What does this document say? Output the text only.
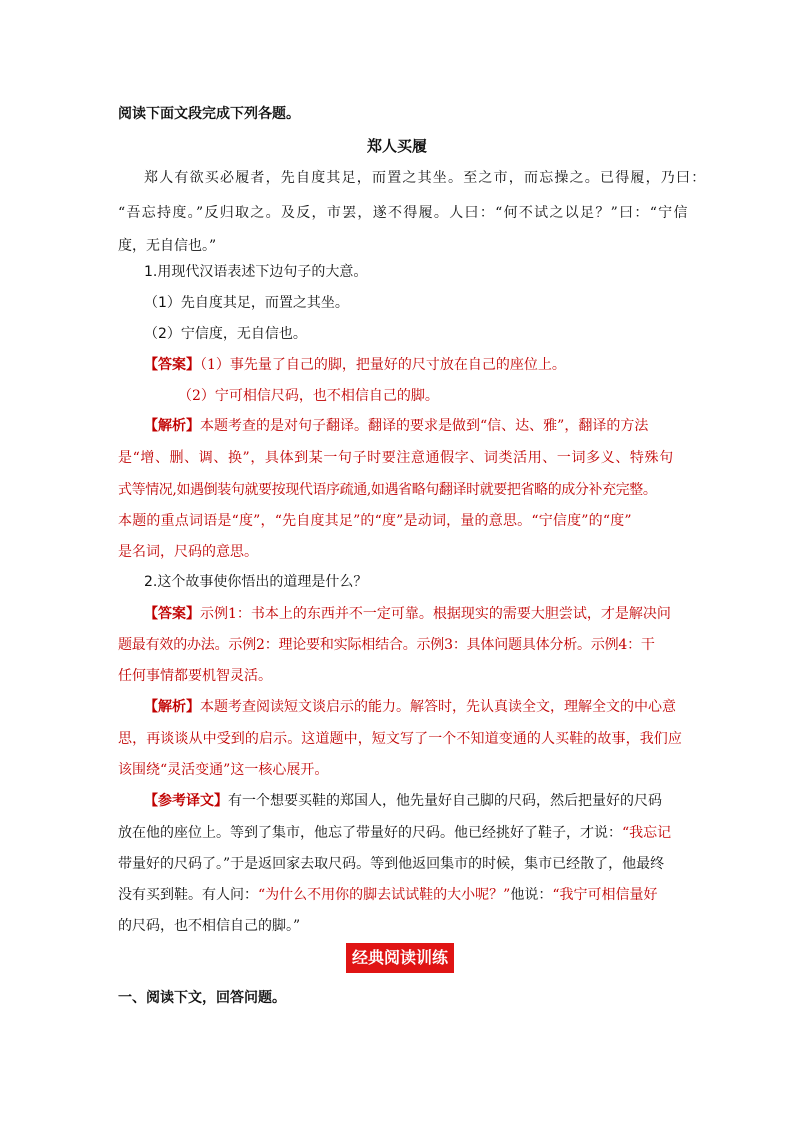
阅读下面文段完成下列各题。
郑人买履
郑人有欲买必履者，先自度其足，而置之其坐。至之市，而忘操之。已得履，乃曰：
“吾忘持度。”反归取之。及反，市罢，遂不得履。人曰：“何不试之以足？”曰：“宁信
度，无自信也。”
1.用现代汉语表述下边句子的大意。
（1）先自度其足，而置之其坐。
（2）宁信度，无自信也。
【答案】（1）事先量了自己的脚，把量好的尺寸放在自己的座位上。
（2）宁可相信尺码，也不相信自己的脚。
【解析】本题考查的是对句子翻译。翻译的要求是做到“信、达、雅”，翻译的方法
是“增、删、调、换”，具体到某一句子时要注意通假字、词类活用、一词多义、特殊句
式等情况,如遇倒装句就要按现代语序疏通,如遇省略句翻译时就要把省略的成分补充完整。
本题的重点词语是“度”，“先自度其足”的“度”是动词，量的意思。“宁信度”的“度”
是名词，尺码的意思。
2.这个故事使你悟出的道理是什么？
【答案】示例1：书本上的东西并不一定可靠。根据现实的需要大胆尝试，才是解决问
题最有效的办法。示例2：理论要和实际相结合。示例3：具体问题具体分析。示例4：干
任何事情都要机智灵活。
【解析】本题考查阅读短文谈启示的能力。解答时，先认真读全文，理解全文的中心意
思，再谈谈从中受到的启示。这道题中，短文写了一个不知道变通的人买鞋的故事，我们应
该围绕“灵活变通”这一核心展开。
【参考译文】有一个想要买鞋的郑国人，他先量好自己脚的尺码，然后把量好的尺码
放在他的座位上。等到了集市，他忘了带量好的尺码。他已经挑好了鞋子，才说：“我忘记
带量好的尺码了。”于是返回家去取尺码。等到他返回集市的时候，集市已经散了，他最终
没有买到鞋。有人问：“为什么不用你的脚去试试鞋的大小呢？”他说：“我宁可相信量好
的尺码，也不相信自己的脚。”
经典阅读训练
一、阅读下文，回答问题。
